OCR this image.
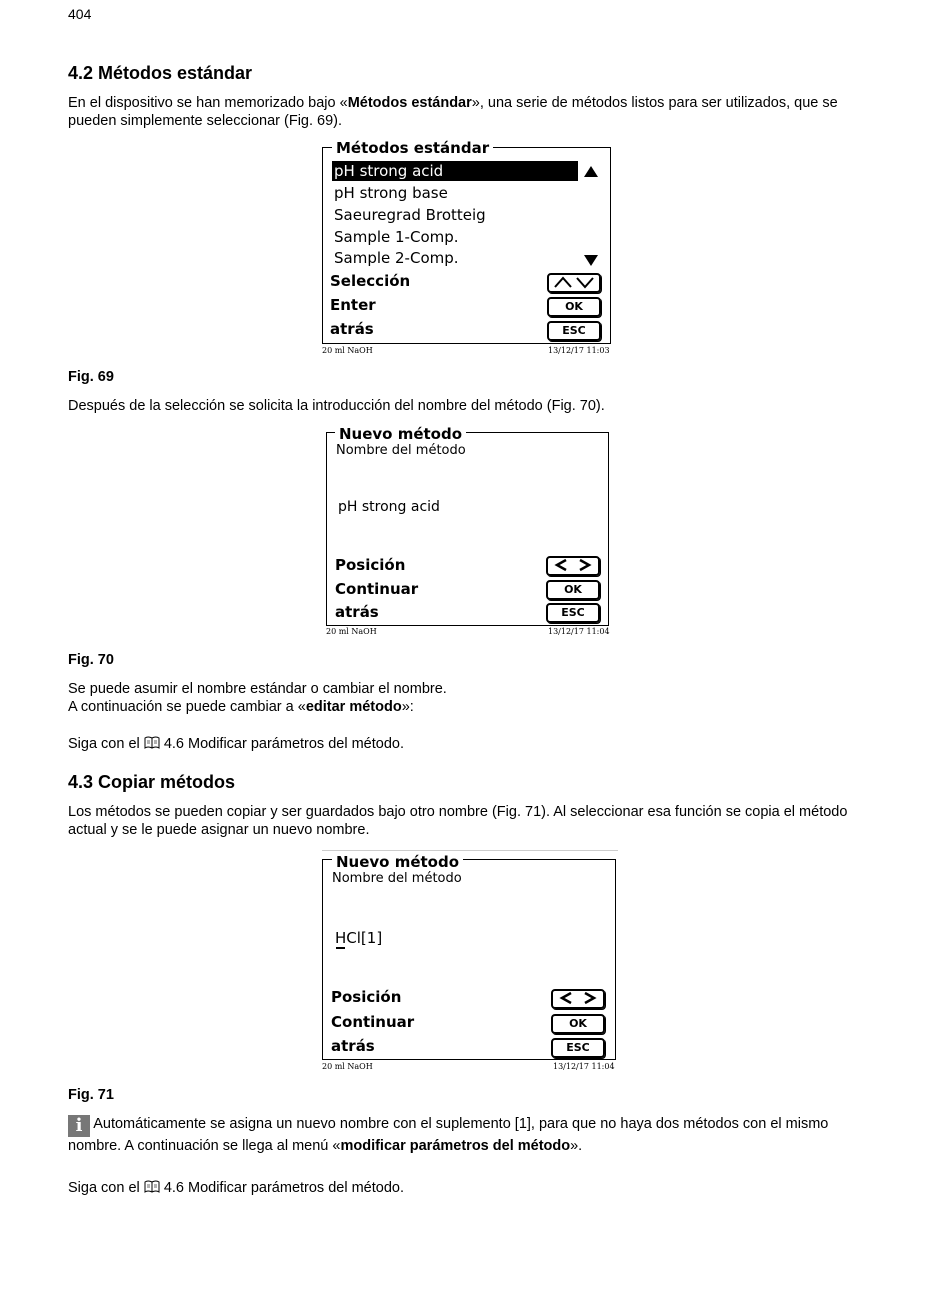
404
4.2 Métodos estándar
En el dispositivo se han memorizado bajo «Métodos estándar», una serie de métodos listos para ser utilizados, que se pueden simplemente seleccionar (Fig. 69).
Métodos estándar
pH strong acid
pH strong base
Saeuregrad Brotteig
Sample 1-Comp.
Sample 2-Comp.
Selección
Enter	OK
atrás	ESC
20 ml NaOH	13/12/17 11:03
Fig. 69
Después de la selección se solicita la introducción del nombre del método (Fig. 70).
Nuevo método
Nombre del método
pH strong acid
Posición
Continuar	OK
atrás	ESC
20 ml NaOH	13/12/17 11:04
Fig. 70
Se puede asumir el nombre estándar o cambiar el nombre.
A continuación se puede cambiar a «editar método»:
Siga con el 4.6 Modificar parámetros del método.
4.3 Copiar métodos
Los métodos se pueden copiar y ser guardados bajo otro nombre (Fig. 71). Al seleccionar esa función se copia el método actual y se le puede asignar un nuevo nombre.
Nuevo método
Nombre del método
HCl[1]
Posición
Continuar	OK
atrás	ESC
20 ml NaOH	13/12/17 11:04
Fig. 71
i Automáticamente se asigna un nuevo nombre con el suplemento [1], para que no haya dos métodos con el mismo nombre. A continuación se llega al menú «modificar parámetros del método».
Siga con el 4.6 Modificar parámetros del método.
